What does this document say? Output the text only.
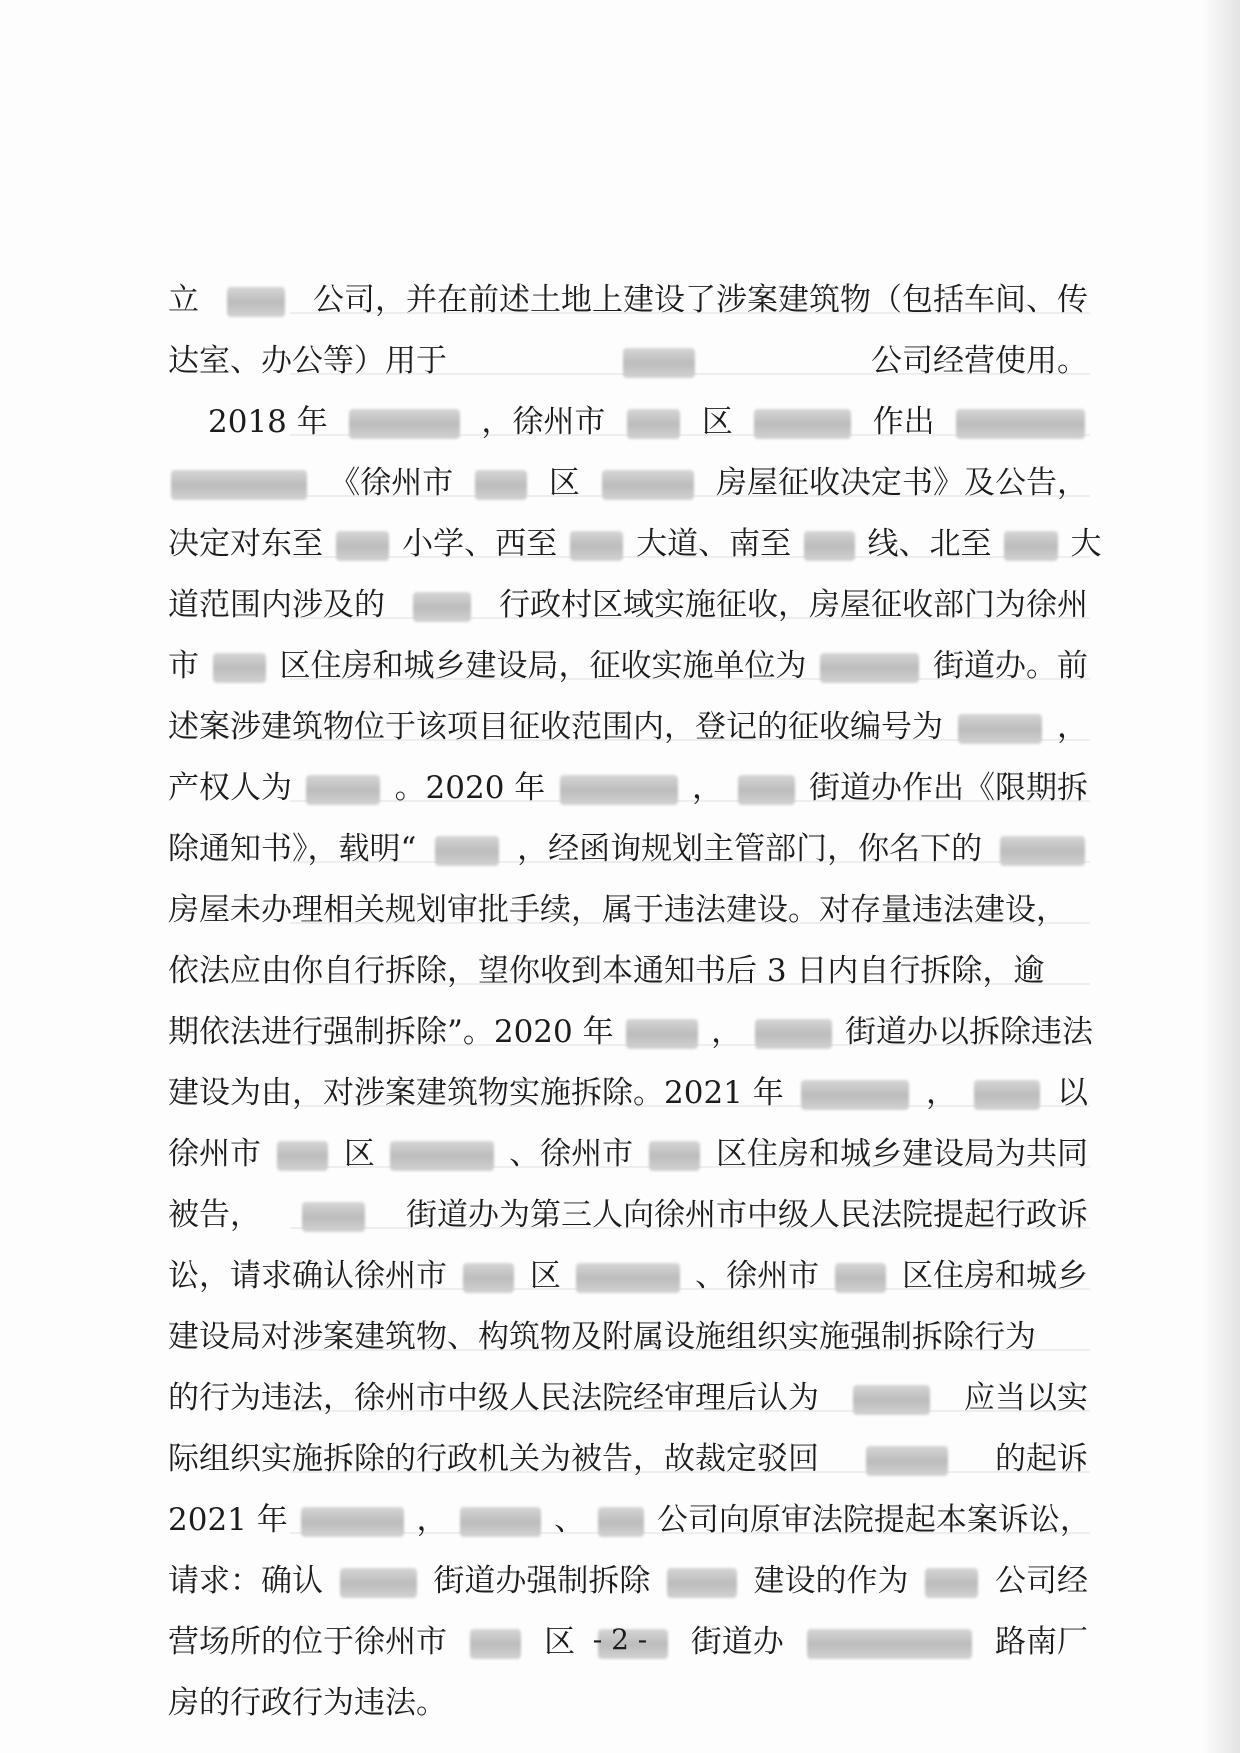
立	公司，并在前述土地上建设了涉案建筑物（包括车间、传
达室、办公等）用于	公司经营使用。
2018 年	，徐州市	区	作出
《徐州市	区	房屋征收决定书》及公告，
决定对东至	小学、西至	大道、南至 线、北至	大
道范围内涉及的	行政村区域实施征收，房屋征收部门为徐州
市	区住房和城乡建设局，征收实施单位为	街道办。前
述案涉建筑物位于该项目征收范围内，登记的征收编号为	，
产权人为	。2020 年	，	街道办作出《限期拆
除通知书》，载明“	，经函询规划主管部门，你名下的
房屋未办理相关规划审批手续，属于违法建设。对存量违法建设，
依法应由你自行拆除，望你收到本通知书后 3 日内自行拆除，逾
期依法进行强制拆除”。2020 年	，	街道办以拆除违法
建设为由，对涉案建筑物实施拆除。2021 年	，	以
徐州市	区	、徐州市	区住房和城乡建设局为共同
被告，	街道办为第三人向徐州市中级人民法院提起行政诉
讼，请求确认徐州市	区	、徐州市	区住房和城乡
建设局对涉案建筑物、构筑物及附属设施组织实施强制拆除行为
的行为违法，徐州市中级人民法院经审理后认为	应当以实
际组织实施拆除的行政机关为被告，故裁定驳回	的起诉
2021 年	，	、 公司向原审法院提起本案诉讼，
请求：确认	街道办强制拆除	建设的作为	公司经
营场所的位于徐州市	区	街道办	路南厂
房的行政行为违法。
- 2 -
